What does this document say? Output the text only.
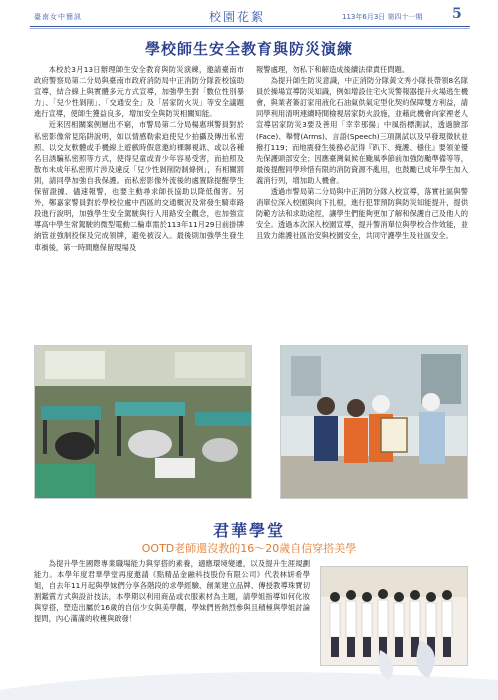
臺南女中簡訊	校園花絮	113年6月3日 第四十一期 5
學校師生安全教育與防災演練

本校於3月13日辦理師生安全教育與防災演練，邀請臺南市政府警察局第二分局與臺南市政府消防局中正消防分隊蒞校協助宣導，結合線上與實體多元方式宣導，加強學生對「數位性別暴力」、「兒少性剝削」、「交通安全」及「居家防火災」等安全議題進行宣導，使師生獲益良多，增加安全與防災相關知能。

近來因相關案例層出不窮，市警局第二分局楊惠琪警員對於私密影像常見陷阱說明，如以情感勒索迫使兒少拍攝及傳出私密照、以交友軟體或手機線上遊戲時假意邀約裸聊視訊、或以各種名目誘騙私密照等方式，使得兒童或青少年容易受害，而拍照及散布未成年私密照片涉及違反「兒少性剝削防制條例」，有相關罰則，請同學加強自我保護。而私密影像外流後的處置除提醒學生保留證據、儘速報警，也要主動尋求師長協助以降低傷害。另外，鄭嘉家警員對於學校位處中西區的交通概況及常發生騎車路段進行說明，加強學生安全駕駛與行人用路安全觀念，也加強宣導高中學生常駕駛的微型電動二輪車需於113年11月29日前掛牌納管並強制投保及完成領牌，避免被沒入。最後則加強學生發生車禍後，第一時間應保留現場及

報警處理，勿私下和解造成後續法律責任問題。

為提升師生防災意識，中正消防分隊黃文秀小隊長帶領8名隊員於操場宣導防災知識，例如增設住宅火災警報器提升火場逃生機會，與業者簽訂家用液化石油氣供氣定型化契約保障雙方利益，請同學利用清明連續時間檢視居家防火設施，並藉此機會向家裡老人宣導居家防災3要及善用「幸幸那揚」中風指標測試，透過臉部(Face)、舉臂(Arms)、言語(Speech)三項測試以及早發現徵狀並撥打119；而地震發生後務必記得『趴下、掩護、穩住』要領並優先保護頭部安全；因應臺灣氣候在颱風季節前加強防颱準備等等，最後提醒同學珍惜有限的消防資源不亂用，也鼓勵已成年學生加入義消行列，增加助人機會。

透過市警局第二分局與中正消防分隊入校宣導，落實社區與警消單位深入校園與向下扎根，進行犯罪預防與防災知能提升，提供防範方法和求助途徑，讓學生們能夠更加了解和保護自己及他人的安全。透過本次深入校園宣導，提升警消單位與學校合作效能，並且致力維護社區治安與校園安全，共同守護學生及社區安全。

君華學堂
OOTD老師還沒教的16～20歲自信穿搭美學

為提升學生國際專業職場能力與穿搭的素養，適應環境變遷，以及提升生涯規劃能力。本學年度君華學堂再度邀請《點精品金融科技股份有限公司》代表林妍希學姐，自去年11月起與學妹們分享各階段的求學經驗、創業建立品牌、傳授教導珠寶切割鑑賞方式與設計技法，本學期以利用商品或衣服素材為主題，請學姐指導如何化妝與穿搭，塑造出屬於16歲的自信少女與美學觀，學妹們皆熱烈參與且積極與學姐討論提問，內心滿滿的收穫與啟發！
